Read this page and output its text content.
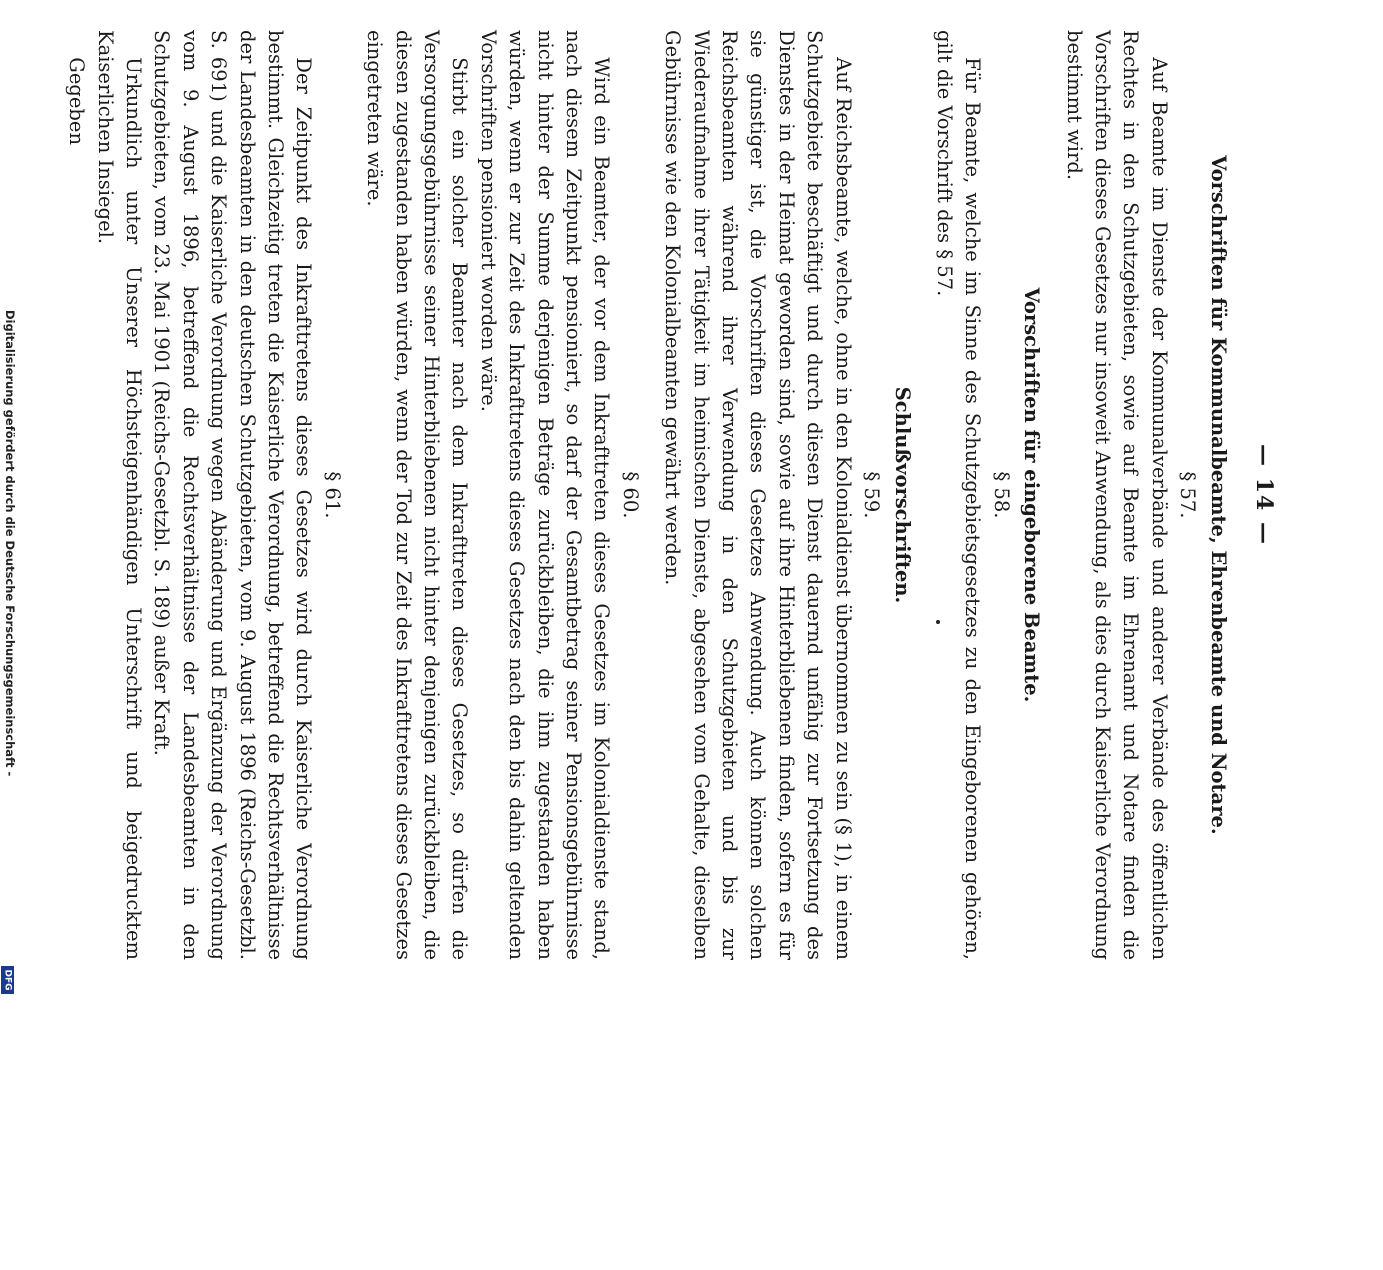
— 14 —
Vorschriften für Kommunalbeamte, Ehrenbeamte und Notare.
§ 57.

Auf Beamte im Dienste der Kommunalverbände und anderer Verbände des öffentlichen Rechtes in den Schutzgebieten, sowie auf Beamte im Ehrenamt und Notare finden die Vorschriften dieses Gesetzes nur insoweit Anwendung, als dies durch Kaiserliche Verordnung bestimmt wird.

Vorschriften für eingeborene Beamte.
§ 58.

Für Beamte, welche im Sinne des Schutzgebietsgesetzes zu den Eingeborenen gehören, gilt die Vorschrift des § 57.

Schlußvorschriften.
§ 59.

Auf Reichsbeamte, welche, ohne in den Kolonialdienst übernommen zu sein (§ 1), in einem Schutzgebiete beschäftigt und durch diesen Dienst dauernd unfähig zur Fortsetzung des Dienstes in der Heimat geworden sind, sowie auf ihre Hinterbliebenen finden, sofern es für sie günstiger ist, die Vorschriften dieses Gesetzes Anwendung. Auch können solchen Reichsbeamten während ihrer Verwendung in den Schutzgebieten und bis zur Wiederaufnahme ihrer Tätigkeit im heimischen Dienste, abgesehen vom Gehalte, dieselben Gebührnisse wie den Kolonialbeamten gewährt werden.

§ 60.

Wird ein Beamter, der vor dem Inkrafttreten dieses Gesetzes im Kolonialdienste stand, nach diesem Zeitpunkt pensioniert, so darf der Gesamtbetrag seiner Pensionsgebührnisse nicht hinter der Summe derjenigen Beträge zurückbleiben, die ihm zugestanden haben würden, wenn er zur Zeit des Inkrafttretens dieses Gesetzes nach den bis dahin geltenden Vorschriften pensioniert worden wäre.

Stirbt ein solcher Beamter nach dem Inkrafttreten dieses Gesetzes, so dürfen die Versorgungsgebührnisse seiner Hinterbliebenen nicht hinter denjenigen zurückbleiben, die diesen zugestanden haben würden, wenn der Tod zur Zeit des Inkrafttretens dieses Gesetzes eingetreten wäre.

§ 61.

Der Zeitpunkt des Inkrafttretens dieses Gesetzes wird durch Kaiserliche Verordnung bestimmt. Gleichzeitig treten die Kaiserliche Verordnung, betreffend die Rechtsverhältnisse der Landesbeamten in den deutschen Schutzgebieten, vom 9. August 1896 (Reichs-Gesetzbl. S. 691) und die Kaiserliche Verordnung wegen Abänderung und Ergänzung der Verordnung vom 9. August 1896, betreffend die Rechtsverhältnisse der Landesbeamten in den Schutzgebieten, vom 23. Mai 1901 (Reichs-Gesetzbl. S. 189) außer Kraft.

Urkundlich unter Unserer Höchsteigenhändigen Unterschrift und beigedrucktem Kaiserlichen Insiegel.

Gegeben

Digitalisierung gefördert durch die Deutsche Forschungsgemeinschaft -
DFG
